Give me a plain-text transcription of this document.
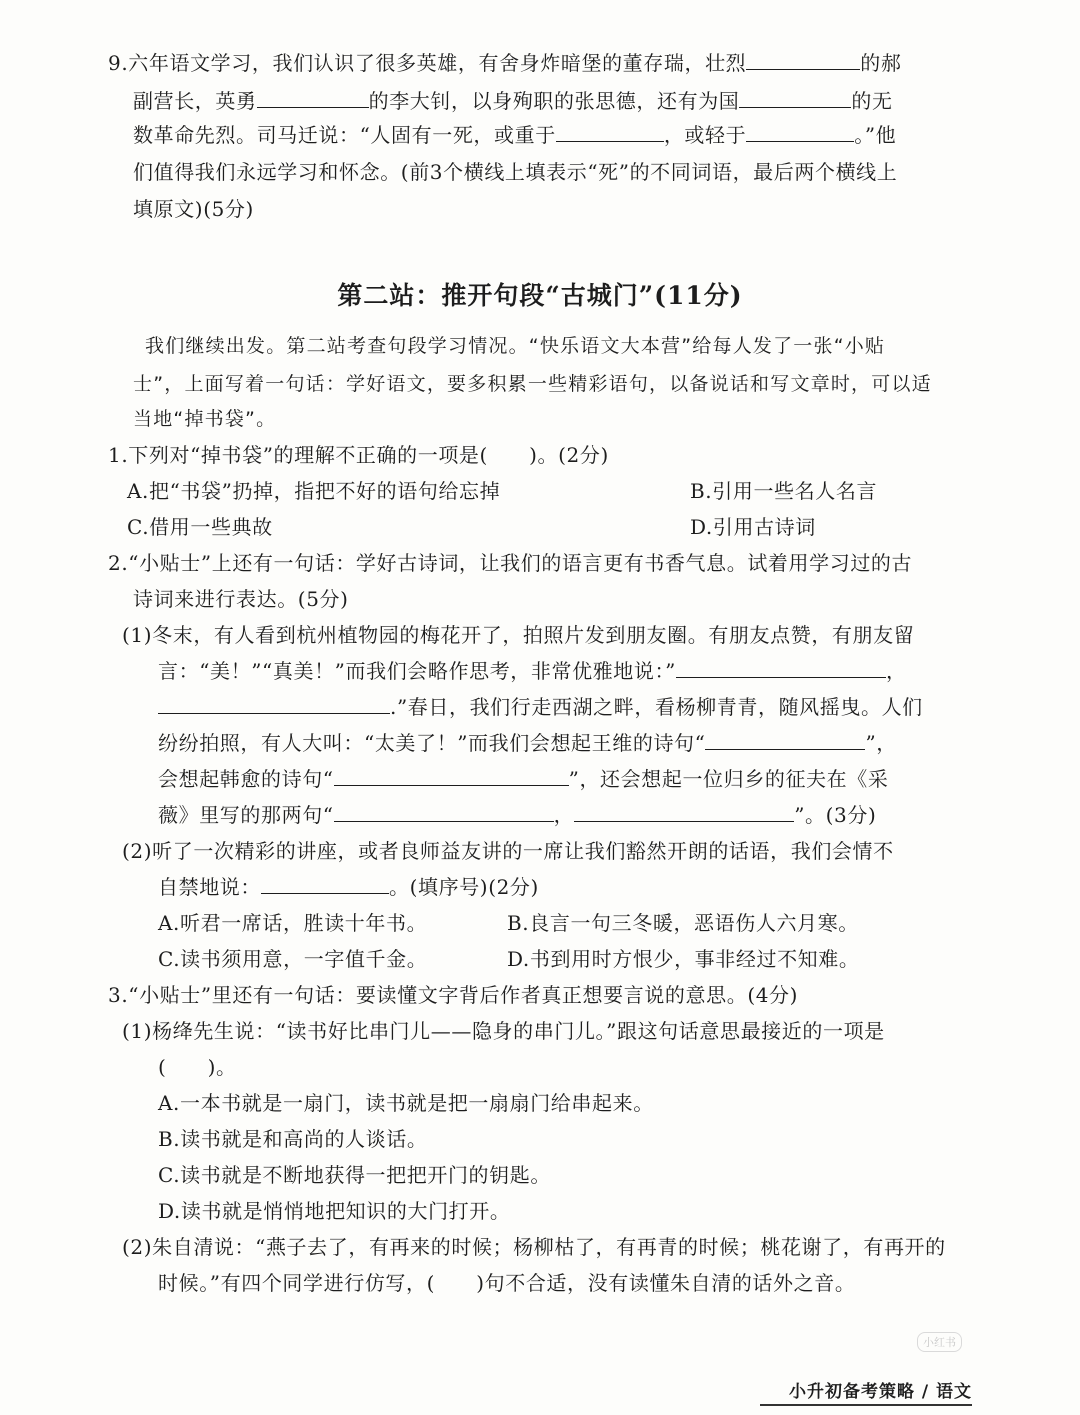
9.六年语文学习，我们认识了很多英雄，有舍身炸暗堡的董存瑞，壮烈	的郝
副营长，英勇	的李大钊，以身殉职的张思德，还有为国	的无
数革命先烈。司马迁说：“人固有一死，或重于	，或轻于	。”他
们值得我们永远学习和怀念。(前3个横线上填表示“死”的不同词语，最后两个横线上
填原文)(5分)
第二站：推开句段“古城门”(11分)
我们继续出发。第二站考查句段学习情况。“快乐语文大本营”给每人发了一张“小贴
士”，上面写着一句话：学好语文，要多积累一些精彩语句，以备说话和写文章时，可以适
当地“掉书袋”。
1.下列对“掉书袋”的理解不正确的一项是(　　)。(2分)
A.把“书袋”扔掉，指把不好的语句给忘掉	B.引用一些名人名言
C.借用一些典故	D.引用古诗词
2.“小贴士”上还有一句话：学好古诗词，让我们的语言更有书香气息。试着用学习过的古
诗词来进行表达。(5分)
(1)冬末，有人看到杭州植物园的梅花开了，拍照片发到朋友圈。有朋友点赞，有朋友留
言：“美！”“真美！”而我们会略作思考，非常优雅地说：”	，
.”春日，我们行走西湖之畔，看杨柳青青，随风摇曳。人们
纷纷拍照，有人大叫：“太美了！”而我们会想起王维的诗句“	”，
会想起韩愈的诗句“	”，还会想起一位归乡的征夫在《采
薇》里写的那两句“	，	”。(3分)
(2)听了一次精彩的讲座，或者良师益友讲的一席让我们豁然开朗的话语，我们会情不
自禁地说：	。(填序号)(2分)
A.听君一席话，胜读十年书。	B.良言一句三冬暖，恶语伤人六月寒。
C.读书须用意，一字值千金。	D.书到用时方恨少，事非经过不知难。
3.“小贴士”里还有一句话：要读懂文字背后作者真正想要言说的意思。(4分)
(1)杨绛先生说：“读书好比串门儿——隐身的串门儿。”跟这句话意思最接近的一项是
(　　)。
A.一本书就是一扇门，读书就是把一扇扇门给串起来。
B.读书就是和高尚的人谈话。
C.读书就是不断地获得一把把开门的钥匙。
D.读书就是悄悄地把知识的大门打开。
(2)朱自清说：“燕子去了，有再来的时候；杨柳枯了，有再青的时候；桃花谢了，有再开的
时候。”有四个同学进行仿写，(　　)句不合适，没有读懂朱自清的话外之音。
小红书
小升初备考策略 / 语文
